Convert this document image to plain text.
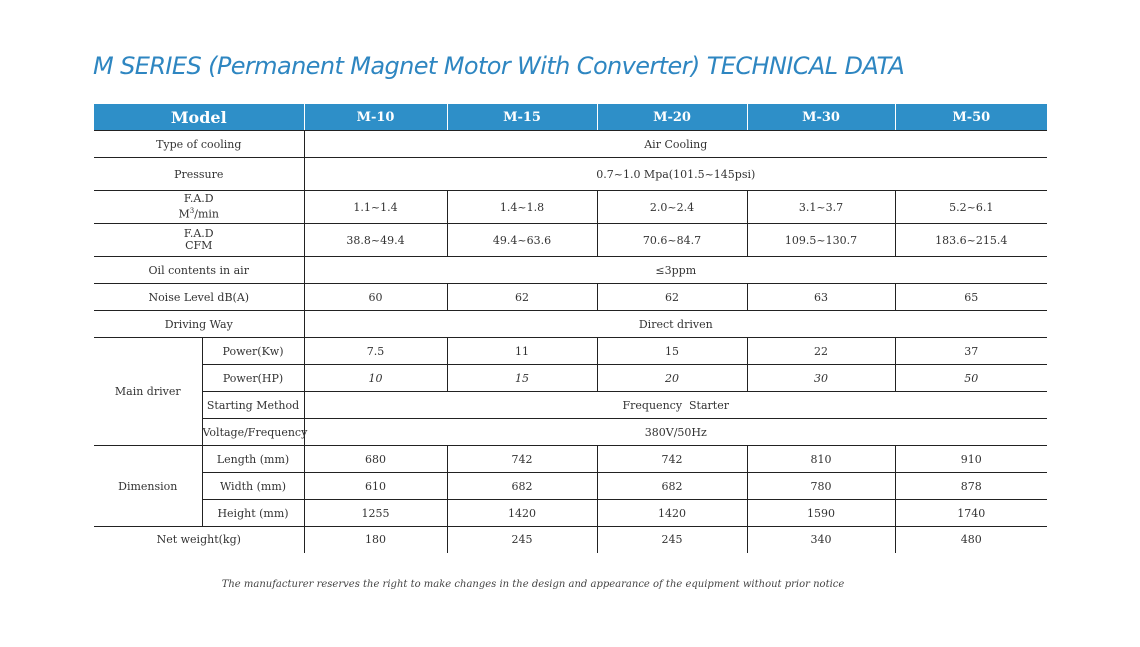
M SERIES (Permanent Magnet Motor With Converter) TECHNICAL DATA
Model		M-10	M-15	M-20	M-30	M-50
Type of cooling		Air Cooling				
Pressure		0.7~1.0 Mpa(101.5~145psi)				
F.A.D
$M^3/\min$		1.1~1.4	1.4~1.8	2.0~2.4	3.1~3.7	5.2~6.1
F.A.D
CFM		38.8~49.4	49.4~63.6	70.6~84.7	109.5~130.7	183.6~215.4
Oil contents in air		≤3ppm				
Noise Level dB(A)		60	62	62	63	65
Driving Way		Direct driven				
Main driver	Power(Kw)	7.5	11	15	22	37
	Power(HP)	10	15	20	30	50
	Starting Method	Frequency  Starter				
	Voltage/Frequency	380V/50Hz				
Dimension	Length (mm)	680	742	742	810	910
	Width (mm)	610	682	682	780	878
	Height (mm)	1255	1420	1420	1590	1740
Net weight(kg)		180	245	245	340	480
The manufacturer reserves the right to make changes in the design and appearance of the equipment without prior notice
